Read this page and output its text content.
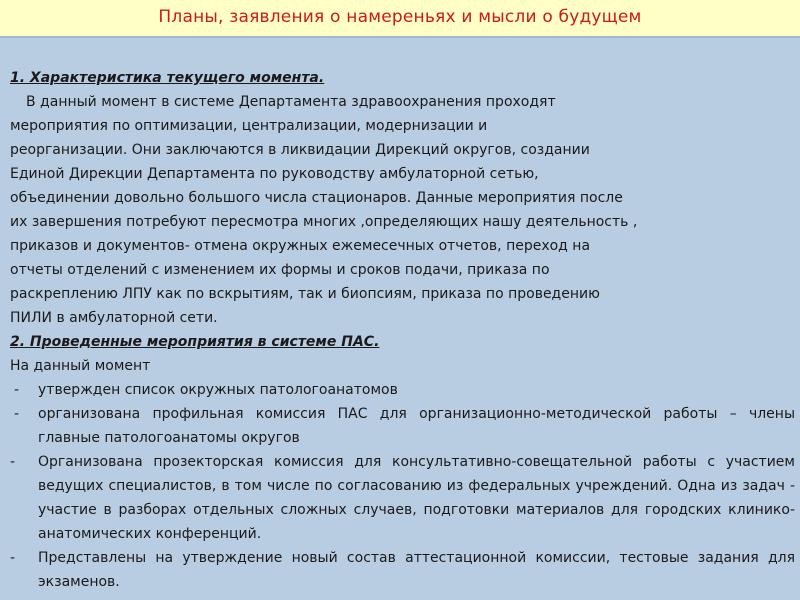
Планы, заявления о намереньях и мысли о будущем
1. Характеристика текущего момента.
В данный момент в системе Департамента здравоохранения проходят
мероприятия по оптимизации, централизации, модернизации и
реорганизации. Они заключаются в ликвидации Дирекций округов, создании
Единой Дирекции Департамента по руководству амбулаторной сетью,
объединении довольно большого числа стационаров. Данные мероприятия после
их завершения потребуют пересмотра многих ,определяющих нашу деятельность ,
приказов и документов- отмена окружных ежемесечных отчетов, переход на
отчеты отделений с изменением их формы и сроков подачи, приказа по
раскреплению ЛПУ как по вскрытиям, так и биопсиям, приказа по проведению
ПИЛИ в амбулаторной сети.
2. Проведенные мероприятия в системе ПАС.
На данный момент
- утвержден список окружных патологоанатомов
- организована профильная комиссия ПАС для организационно-методической работы – члены главные патологоанатомы округов
- Организована прозекторская комиссия для консультативно-совещательной работы с участием ведущих специалистов, в том числе по согласованию из федеральных учреждений. Одна из задач - участие в разборах отдельных сложных случаев, подготовки материалов для городских клинико-анатомических конференций.
- Представлены на утверждение новый состав аттестационной комиссии, тестовые задания для экзаменов.
